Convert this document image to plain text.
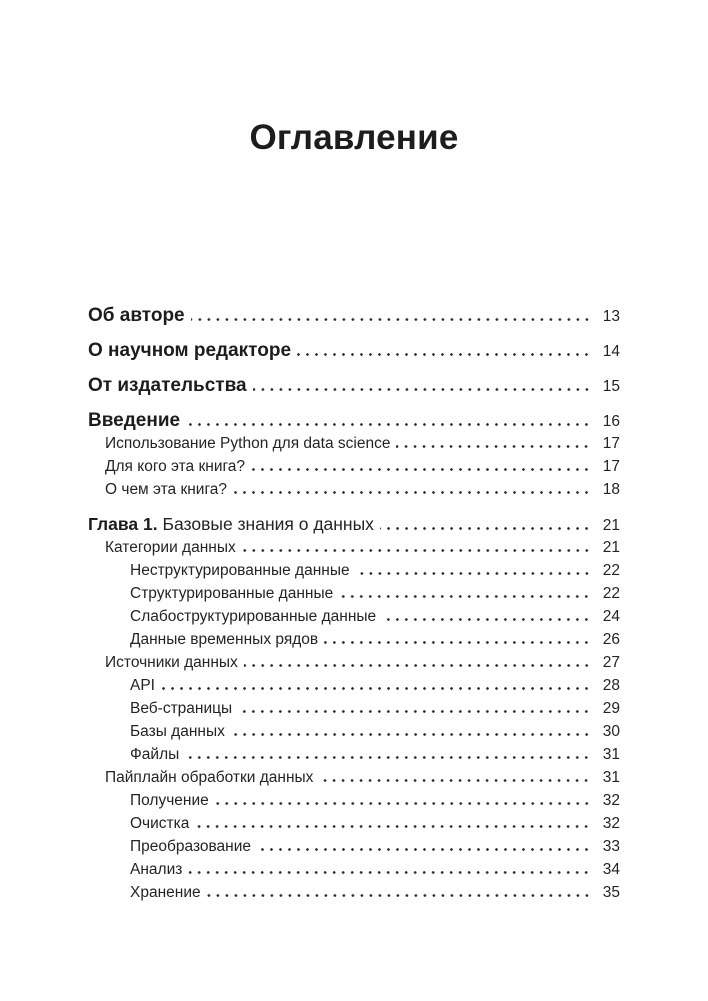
Оглавление
Об авторе	13
О научном редакторе	14
От издательства	15
Введение	16
Использование Python для data science	17
Для кого эта книга?	17
О чем эта книга?	18
Глава 1. Базовые знания о данных	21
Категории данных	21
Неструктурированные данные	22
Структурированные данные	22
Слабоструктурированные данные	24
Данные временных рядов	26
Источники данных	27
API	28
Веб-страницы	29
Базы данных	30
Файлы	31
Пайплайн обработки данных	31
Получение	32
Очистка	32
Преобразование	33
Анализ	34
Хранение	35
